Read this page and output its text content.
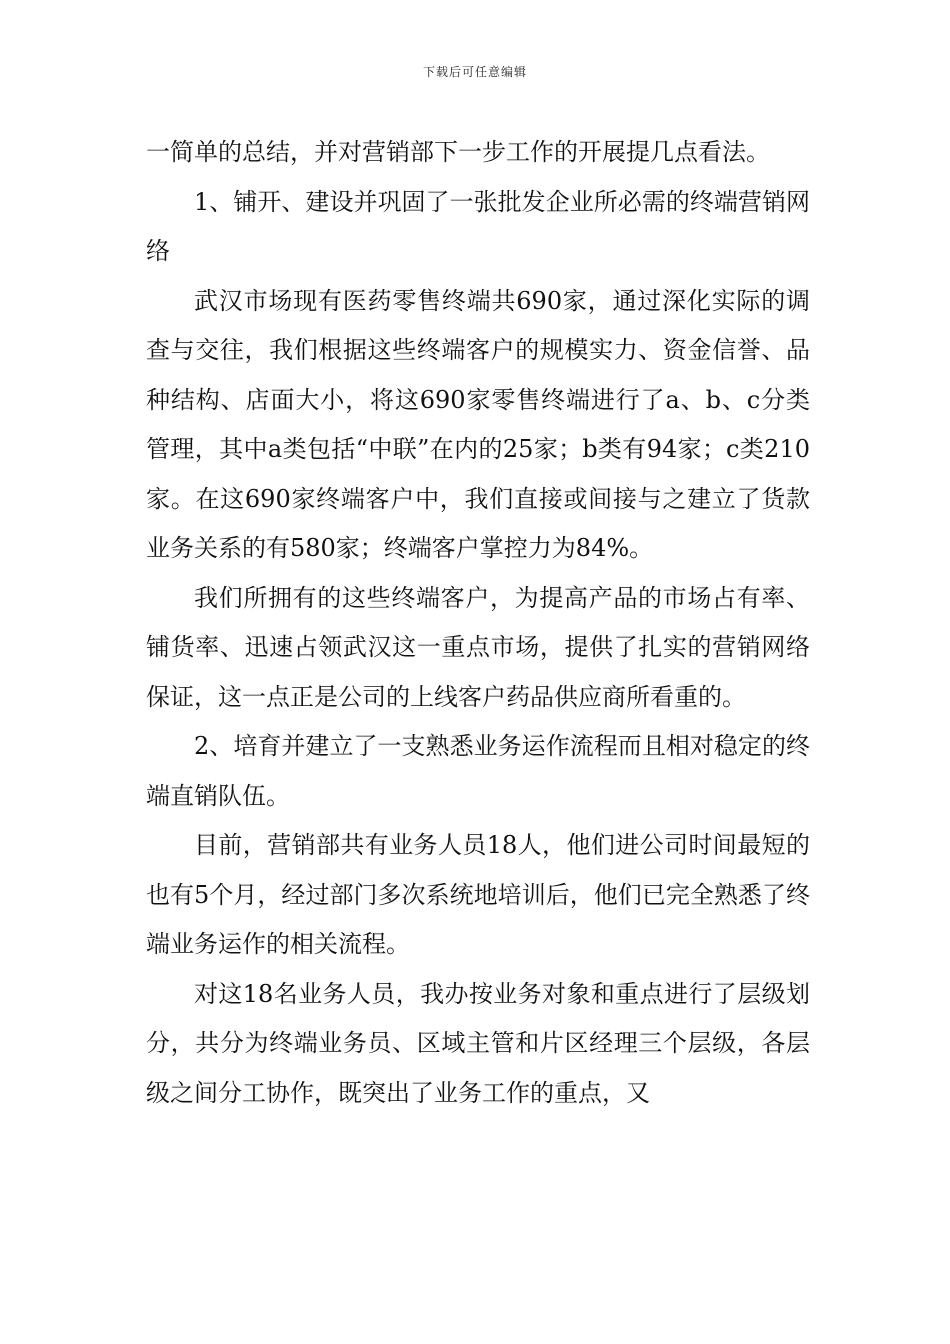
下载后可任意编辑

一简单的总结，并对营销部下一步工作的开展提几点看法。

1、铺开、建设并巩固了一张批发企业所必需的终端营销网络

武汉市场现有医药零售终端共690家，通过深化实际的调查与交往，我们根据这些终端客户的规模实力、资金信誉、品种结构、店面大小，将这690家零售终端进行了a、b、c分类管理，其中a类包括“中联”在内的25家；b类有94家；c类210家。在这690家终端客户中，我们直接或间接与之建立了货款业务关系的有580家；终端客户掌控力为84%。

我们所拥有的这些终端客户，为提高产品的市场占有率、铺货率、迅速占领武汉这一重点市场，提供了扎实的营销网络保证，这一点正是公司的上线客户药品供应商所看重的。

2、培育并建立了一支熟悉业务运作流程而且相对稳定的终端直销队伍。

目前，营销部共有业务人员18人，他们进公司时间最短的也有5个月，经过部门多次系统地培训后，他们已完全熟悉了终端业务运作的相关流程。

对这18名业务人员，我办按业务对象和重点进行了层级划分，共分为终端业务员、区域主管和片区经理三个层级，各层级之间分工协作，既突出了业务工作的重点，又
